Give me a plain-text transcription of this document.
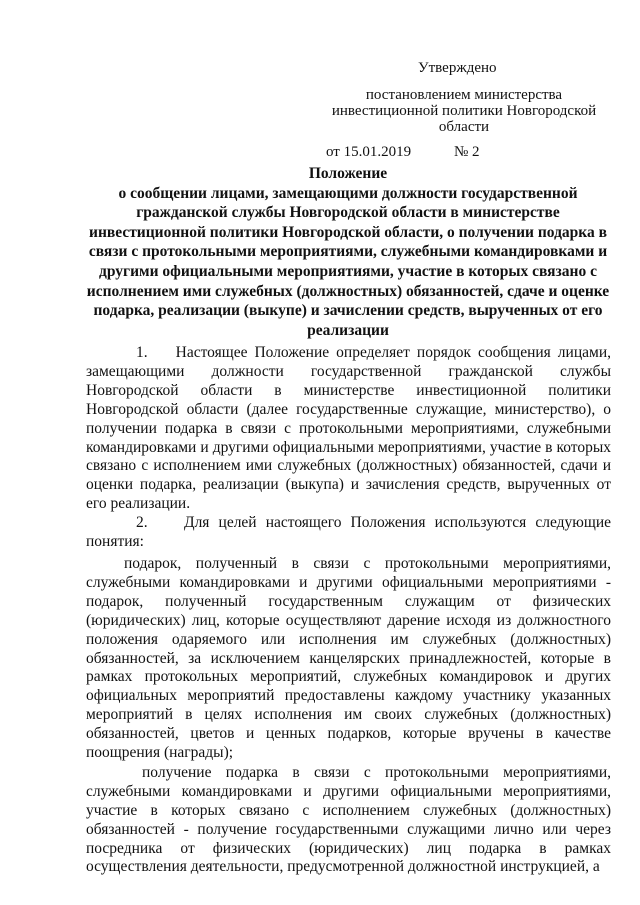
Утверждено
постановлением министерства инвестиционной политики Новгородской области
от 15.01.2019	№ 2
Положение
о сообщении лицами, замещающими должности государственной гражданской службы Новгородской области в министерстве инвестиционной политики Новгородской области, о получении подарка в связи с протокольными мероприятиями, служебными командировками и другими официальными мероприятиями, участие в которых связано с исполнением ими служебных (должностных) обязанностей, сдаче и оценке подарка, реализации (выкупе) и зачислении средств, вырученных от его реализации

1.    Настоящее Положение определяет порядок сообщения лицами, замещающими должности государственной гражданской службы Новгородской области в министерстве инвестиционной политики Новгородской области (далее государственные служащие, министерство), о получении подарка в связи с протокольными мероприятиями, служебными командировками и другими официальными мероприятиями, участие в которых связано с исполнением ими служебных (должностных) обязанностей, сдачи и оценки подарка, реализации (выкупа) и зачисления средств, вырученных от его реализации.

2.    Для целей настоящего Положения используются следующие понятия:

подарок, полученный в связи с протокольными мероприятиями, служебными командировками и другими официальными мероприятиями - подарок, полученный государственным служащим от физических (юридических) лиц, которые осуществляют дарение исходя из должностного положения одаряемого или исполнения им служебных (должностных) обязанностей, за исключением канцелярских принадлежностей, которые в рамках протокольных мероприятий, служебных командировок и других официальных мероприятий предоставлены каждому участнику указанных мероприятий в целях исполнения им своих служебных (должностных) обязанностей, цветов и ценных подарков, которые вручены в качестве поощрения (награды);

получение подарка в связи с протокольными мероприятиями, служебными командировками и другими официальными мероприятиями, участие в которых связано с исполнением служебных (должностных) обязанностей - получение государственными служащими лично или через посредника от физических (юридических) лиц подарка в рамках осуществления деятельности, предусмотренной должностной инструкцией, а
